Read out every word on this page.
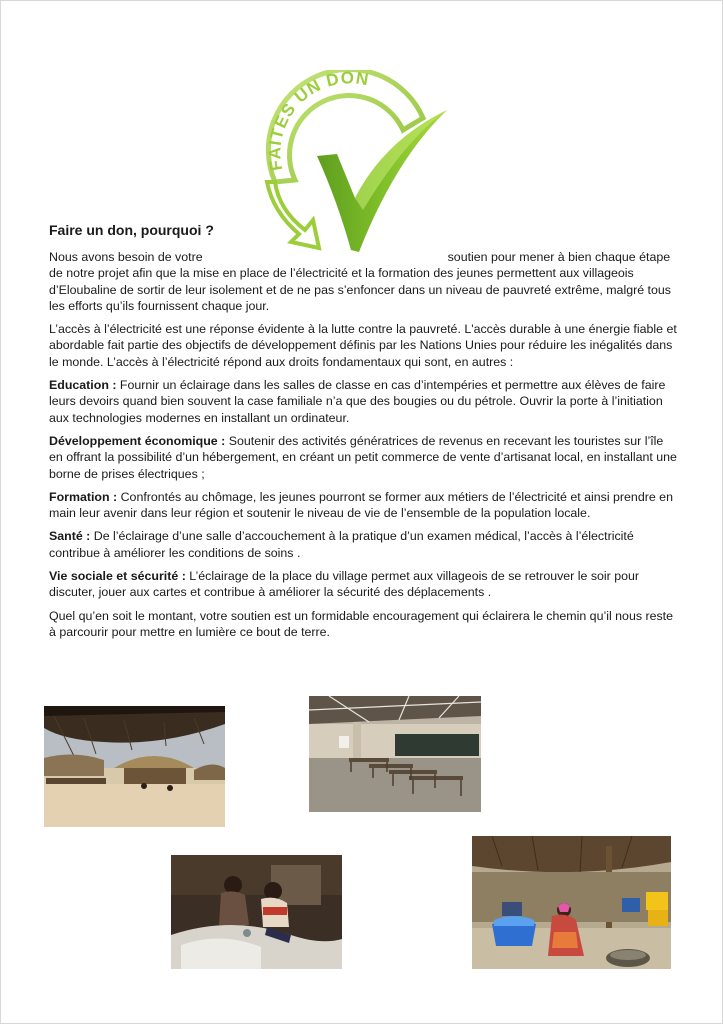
FAITES UN DON
Faire un don, pourquoi ?

Nous avons besoin de votre	soutien pour mener à bien chaque étape de notre projet afin que la mise en place de l’électricité et la formation des jeunes permettent aux villageois d’Eloubaline de sortir de leur isolement et de ne pas s’enfoncer dans un niveau de pauvreté extrême, malgré tous les efforts qu’ils fournissent chaque jour.

L’accès à l’électricité est une réponse évidente à la lutte contre la pauvreté. L'accès durable à une énergie fiable et abordable fait partie des objectifs de développement définis par les Nations Unies pour réduire les inégalités dans le monde. L’accès à l’électricité répond aux droits fondamentaux qui sont, en autres :

Education : Fournir un éclairage dans les salles de classe en cas d’intempéries et permettre aux élèves de faire leurs devoirs quand bien souvent la case familiale n’a que des bougies ou du pétrole. Ouvrir la porte à l’initiation aux technologies modernes en installant un ordinateur.

Développement économique : Soutenir des activités génératrices de revenus en recevant les touristes sur l’île en offrant la possibilité d’un hébergement, en créant un petit commerce de vente d’artisanat local, en installant une borne de prises électriques ;

Formation : Confrontés au chômage, les jeunes pourront se former aux métiers de l’électricité et ainsi prendre en main leur avenir dans leur région et soutenir le niveau de vie de l’ensemble de la population locale.

Santé : De l’éclairage d’une salle d’accouchement à la pratique d’un examen médical, l’accès à l’électricité contribue à améliorer les conditions de soins .

Vie sociale et sécurité : L’éclairage de la place du village permet aux villageois de se retrouver le soir pour discuter, jouer aux cartes et contribue à améliorer la sécurité des déplacements .

Quel qu’en soit le montant, votre soutien est un formidable encouragement qui éclairera le chemin qu’il nous reste à parcourir pour mettre en lumière ce bout de terre.
